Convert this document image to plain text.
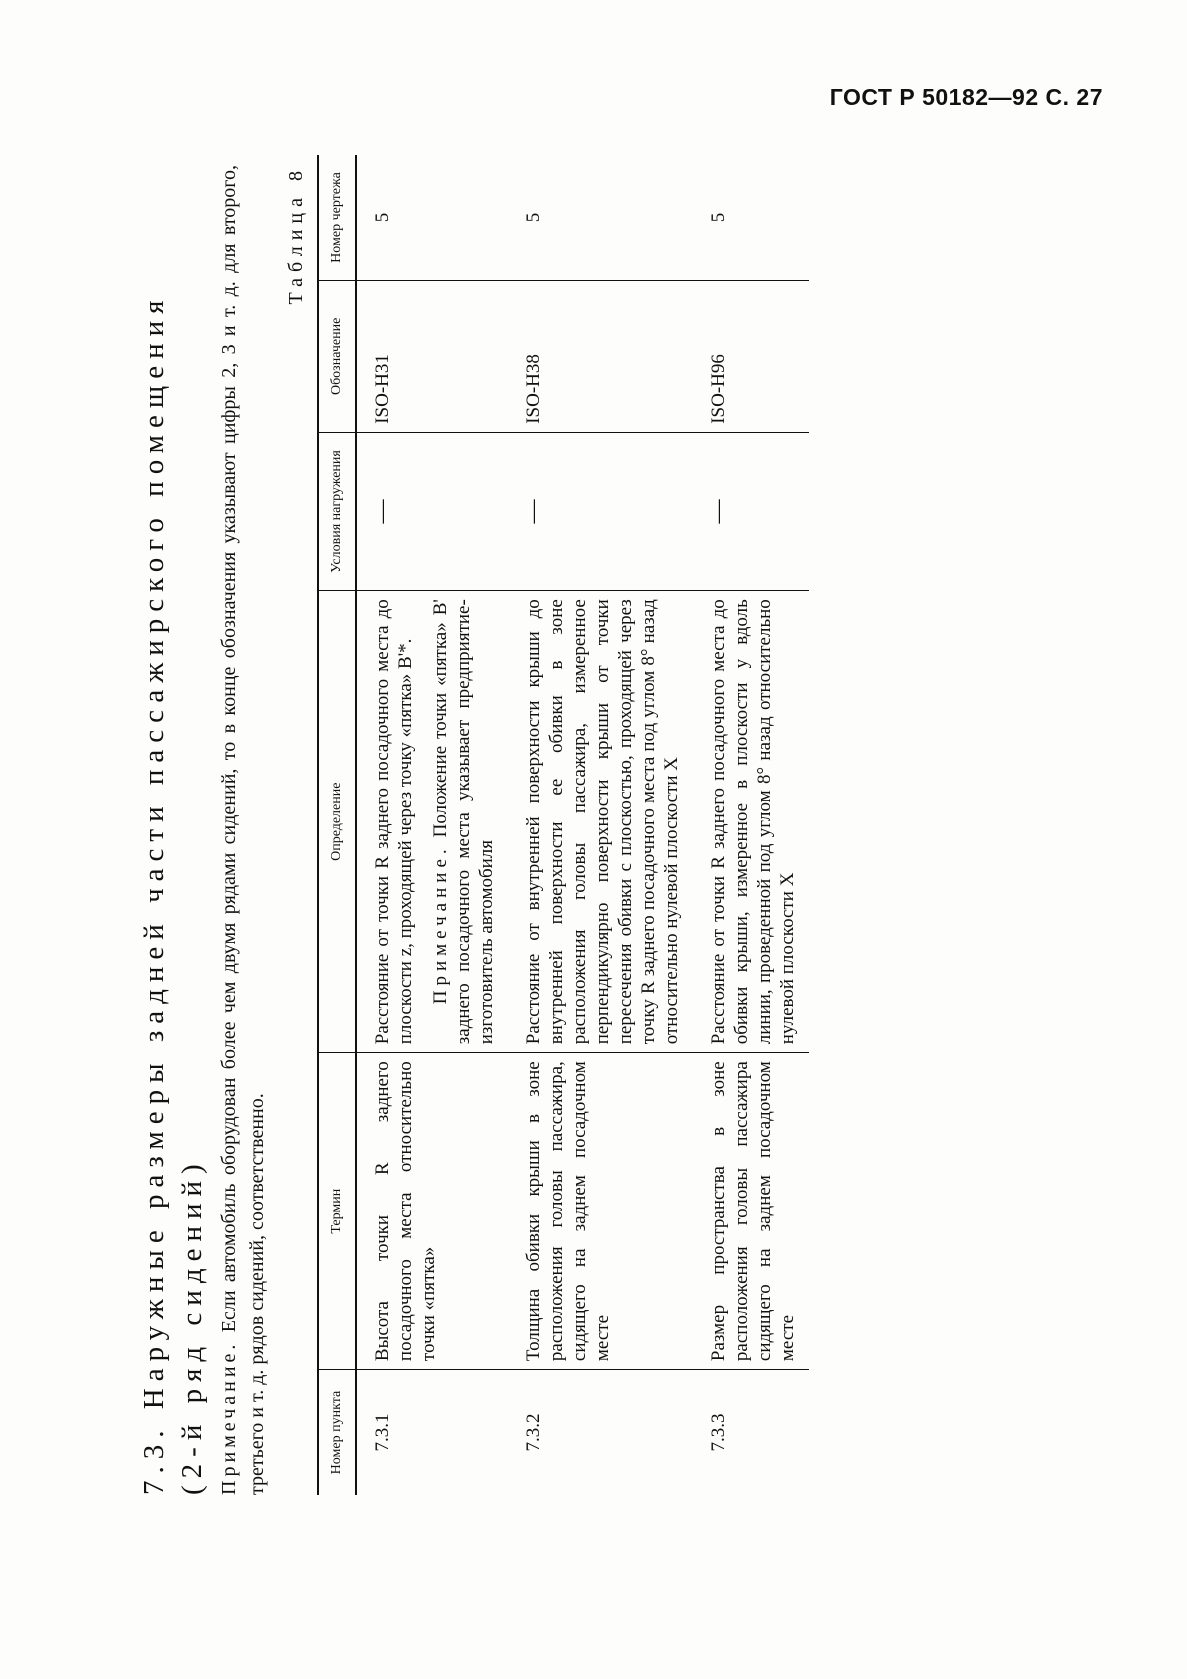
ГОСТ Р 50182—92 С. 27
7.3. Наружные размеры задней части пассажирского помещения (2-й ряд сидений) Примечание. Если автомобиль оборудован более чем двумя рядами сидений, то в конце обозначения указывают цифры 2, 3 и т. д. для второго, третьего и т. д. рядов сидений, соответственно.
Таблица 8
Номер пункта	Термин	Определение	Условия нагружения	Обозначение	Номер чертежа
7.3.1	Высота точки R заднего посадочного места относительно точки «пятка»	Расстояние от точки R заднего посадочного места до плоскости z, проходящей через точку «пятка» B'*. Примечание. Положение точки «пятка» B' заднего посадочного места указывает предприятие-изготовитель автомобиля	—	ISO-H31	5
7.3.2	Толщина обивки крыши в зоне расположения головы пассажира, сидящего на заднем посадочном месте	Расстояние от внутренней поверхности крыши до внутренней поверхности ее обивки в зоне расположения головы пассажира, измеренное перпендикулярно поверхности крыши от точки пересечения обивки с плоскостью, проходящей через точку R заднего посадочного места под углом 8° назад относительно нулевой плоскости X	—	ISO-H38	5
7.3.3	Размер пространства в зоне расположения головы пассажира сидящего на заднем посадочном месте	Расстояние от точки R заднего посадочного места до обивки крыши, измеренное в плоскости y вдоль линии, проведенной под углом 8° назад относительно нулевой плоскости X	—	ISO-H96	5
